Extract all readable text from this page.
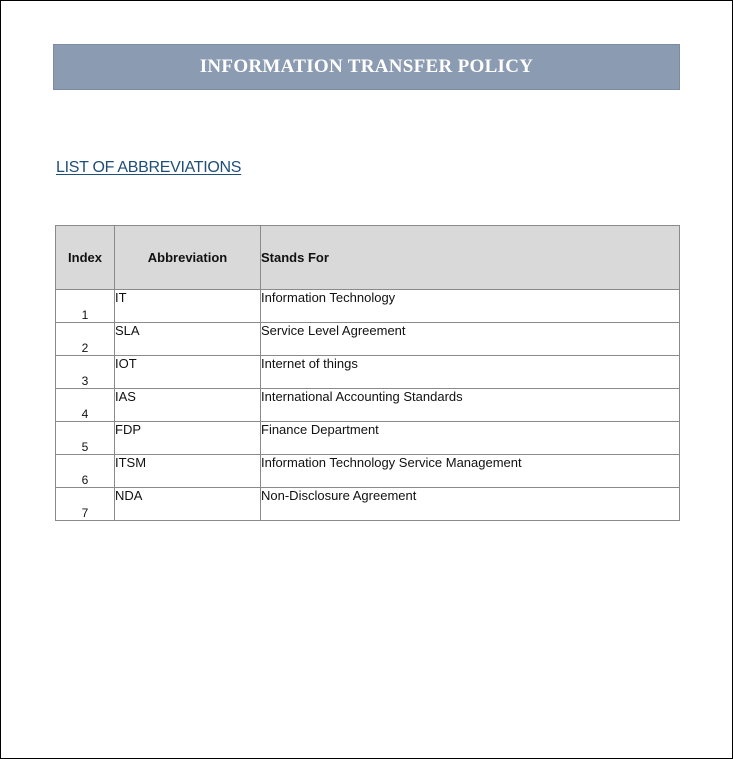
INFORMATION TRANSFER POLICY
LIST OF ABBREVIATIONS
Index	Abbreviation	Stands For
1	IT	Information Technology
2	SLA	Service Level Agreement
3	IOT	Internet of things
4	IAS	International Accounting Standards
5	FDP	Finance Department
6	ITSM	Information Technology Service Management
7	NDA	Non-Disclosure Agreement
